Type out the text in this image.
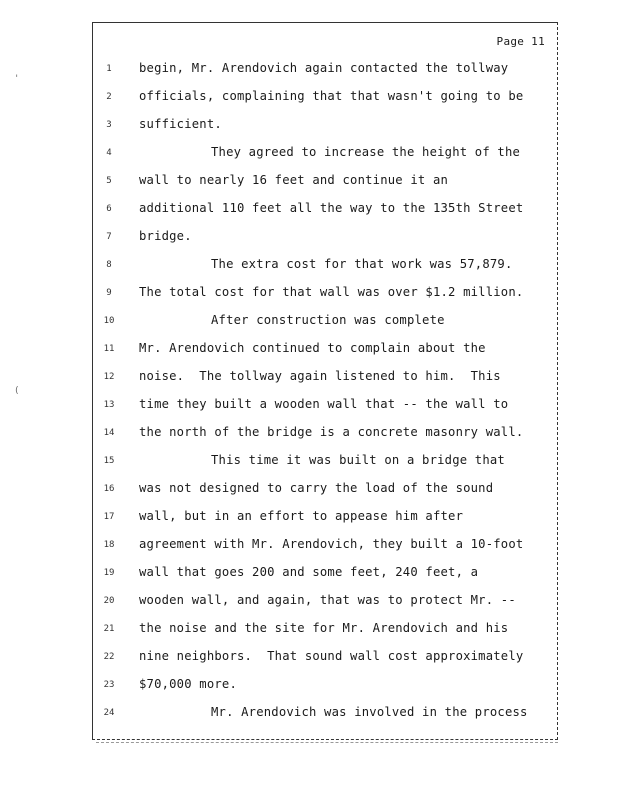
Page 11
1	begin, Mr. Arendovich again contacted the tollway
2	officials, complaining that that wasn't going to be
3	sufficient.
4	They agreed to increase the height of the
5	wall to nearly 16 feet and continue it an
6	additional 110 feet all the way to the 135th Street
7	bridge.
8	The extra cost for that work was 57,879.
9	The total cost for that wall was over $1.2 million.
10	After construction was complete
11 Mr. Arendovich continued to complain about the
12 noise.  The tollway again listened to him.  This
13 time they built a wooden wall that -- the wall to
14 the north of the bridge is a concrete masonry wall.
15	This time it was built on a bridge that
16 was not designed to carry the load of the sound
17 wall, but in an effort to appease him after
18 agreement with Mr. Arendovich, they built a 10-foot
19 wall that goes 200 and some feet, 240 feet, a
20 wooden wall, and again, that was to protect Mr. --
21 the noise and the site for Mr. Arendovich and his
22 nine neighbors.  That sound wall cost approximately
23 $70,000 more.
24	Mr. Arendovich was involved in the process
'
(
